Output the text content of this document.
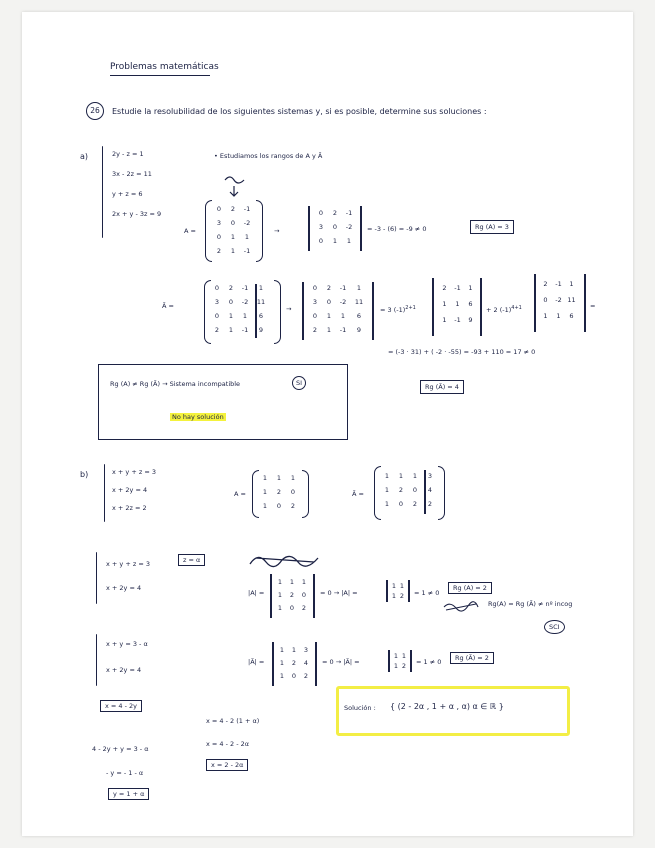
Problemas matemáticas
26	Estudie la resolubilidad de los siguientes sistemas y, si es posible, determine sus soluciones :
a)	2y - z = 1
3x - 2z = 11
y + z = 6
2x + y - 3z = 9
• Estudiamos los rangos de A y Ã
A =
0	2	-1
3	0	-2
0	1	1
2	1	-1
→
0	2	-1
3	0	-2
0	1	1
= -3 - (6) = -9 ≠ 0	Rg (A) = 3
Ã =
0	2	-1	1
3	0	-2	11
0	1	1	6
2	1	-1	9
→
0	2	-1	1
3	0	-2	11
0	1	1	6
2	1	-1	9
= 3 $(-1)^{2+1}$
2	-1	1
1	1	6
1	-1	9
+ 2 $(-1)^{4+1}$
2	-1	1
0	-2 11
1	1	6
=
= (-3 · 31) + ( -2 · -55) = -93 + 110 = 17 ≠ 0
Rg (Ã) = 4
Rg (A) ≠ Rg (Ã) → Sistema incompatible	SI
No hay solución
b)	x + y + z = 3
x + 2y = 4
x + 2z = 2
A =
1	1	1
1	2	0
1	0	2
Ã =
1	1	1	3
1	2	0	4
1	0	2	2
x + y + z = 3
x + 2y = 4
z = α
|A| =
1	1	1
1	2	0
1	0	2
= 0 → |A| =
1 1
1 2 = 1 ≠ 0
Rg (A) = 2
Rg(A) = Rg (Ã) ≠ nº incog
SCI
x + y = 3 - α
x + 2y = 4
|Ã| =
1	1	3
1	2	4
1	0	2
= 0 → |Ã| =
1 1
1 2 = 1 ≠ 0	Rg (Ã) = 2
x = 4 - 2y
4 - 2y + y = 3 - α
- y = - 1 - α
y = 1 + α
x = 4 - 2 (1 + α)
x = 4 - 2 - 2α
x = 2 - 2α
Solución : { (2 - 2α , 1 + α , α) α ∈ ℝ }
